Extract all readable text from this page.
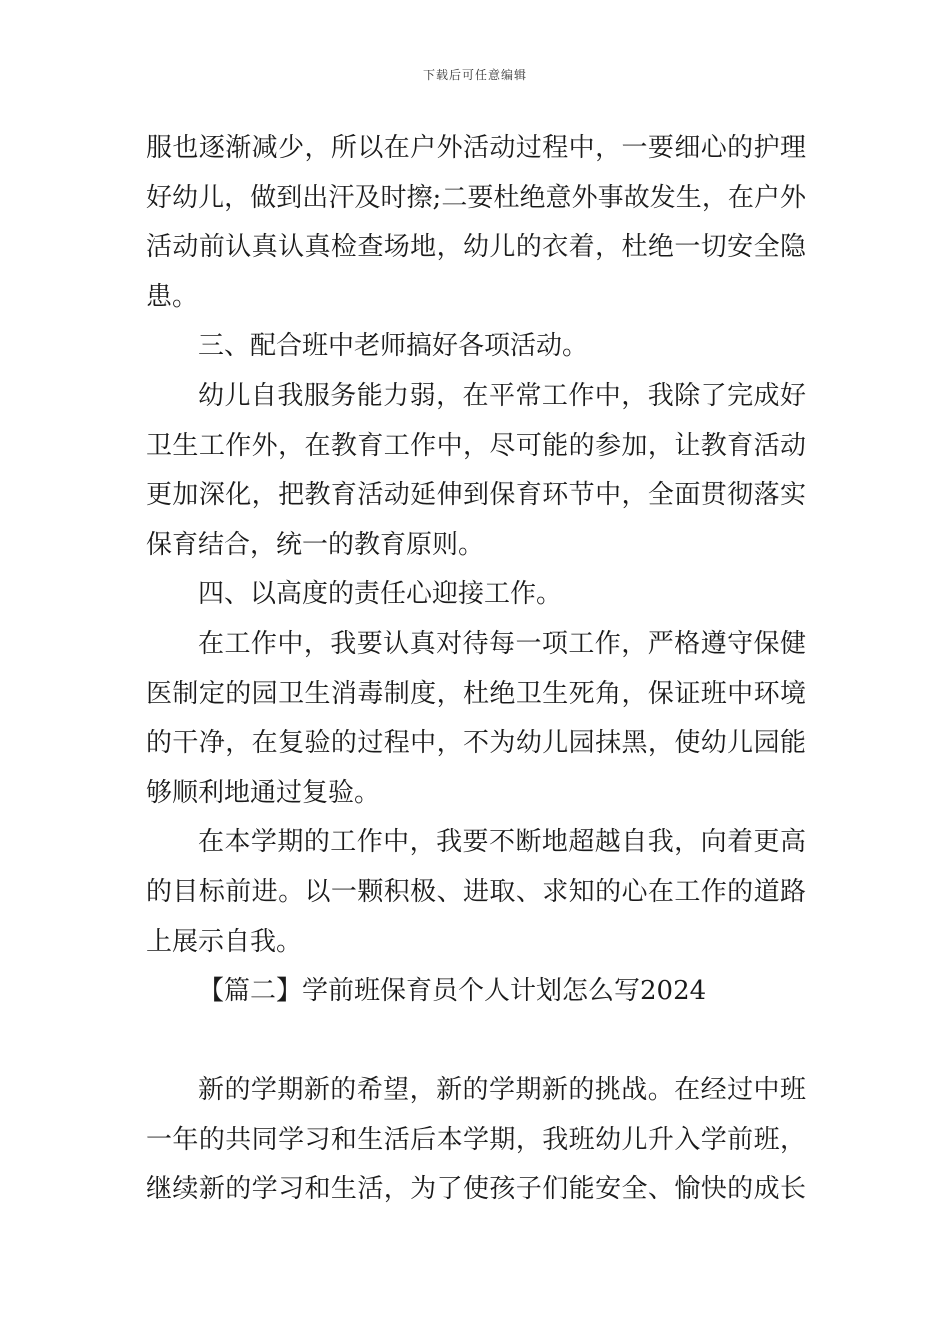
下载后可任意编辑
服也逐渐减少，所以在户外活动过程中，一要细心的护理
好幼儿，做到出汗及时擦;二要杜绝意外事故发生，在户外
活动前认真认真检查场地，幼儿的衣着，杜绝一切安全隐
患。
三、配合班中老师搞好各项活动。
幼儿自我服务能力弱，在平常工作中，我除了完成好
卫生工作外，在教育工作中，尽可能的参加，让教育活动
更加深化，把教育活动延伸到保育环节中，全面贯彻落实
保育结合，统一的教育原则。
四、以高度的责任心迎接工作。
在工作中，我要认真对待每一项工作，严格遵守保健
医制定的园卫生消毒制度，杜绝卫生死角，保证班中环境
的干净，在复验的过程中，不为幼儿园抹黑，使幼儿园能
够顺利地通过复验。
在本学期的工作中，我要不断地超越自我，向着更高
的目标前进。以一颗积极、进取、求知的心在工作的道路
上展示自我。
【篇二】学前班保育员个人计划怎么写2024
新的学期新的希望，新的学期新的挑战。在经过中班
一年的共同学习和生活后本学期，我班幼儿升入学前班，
继续新的学习和生活，为了使孩子们能安全、愉快的成长
